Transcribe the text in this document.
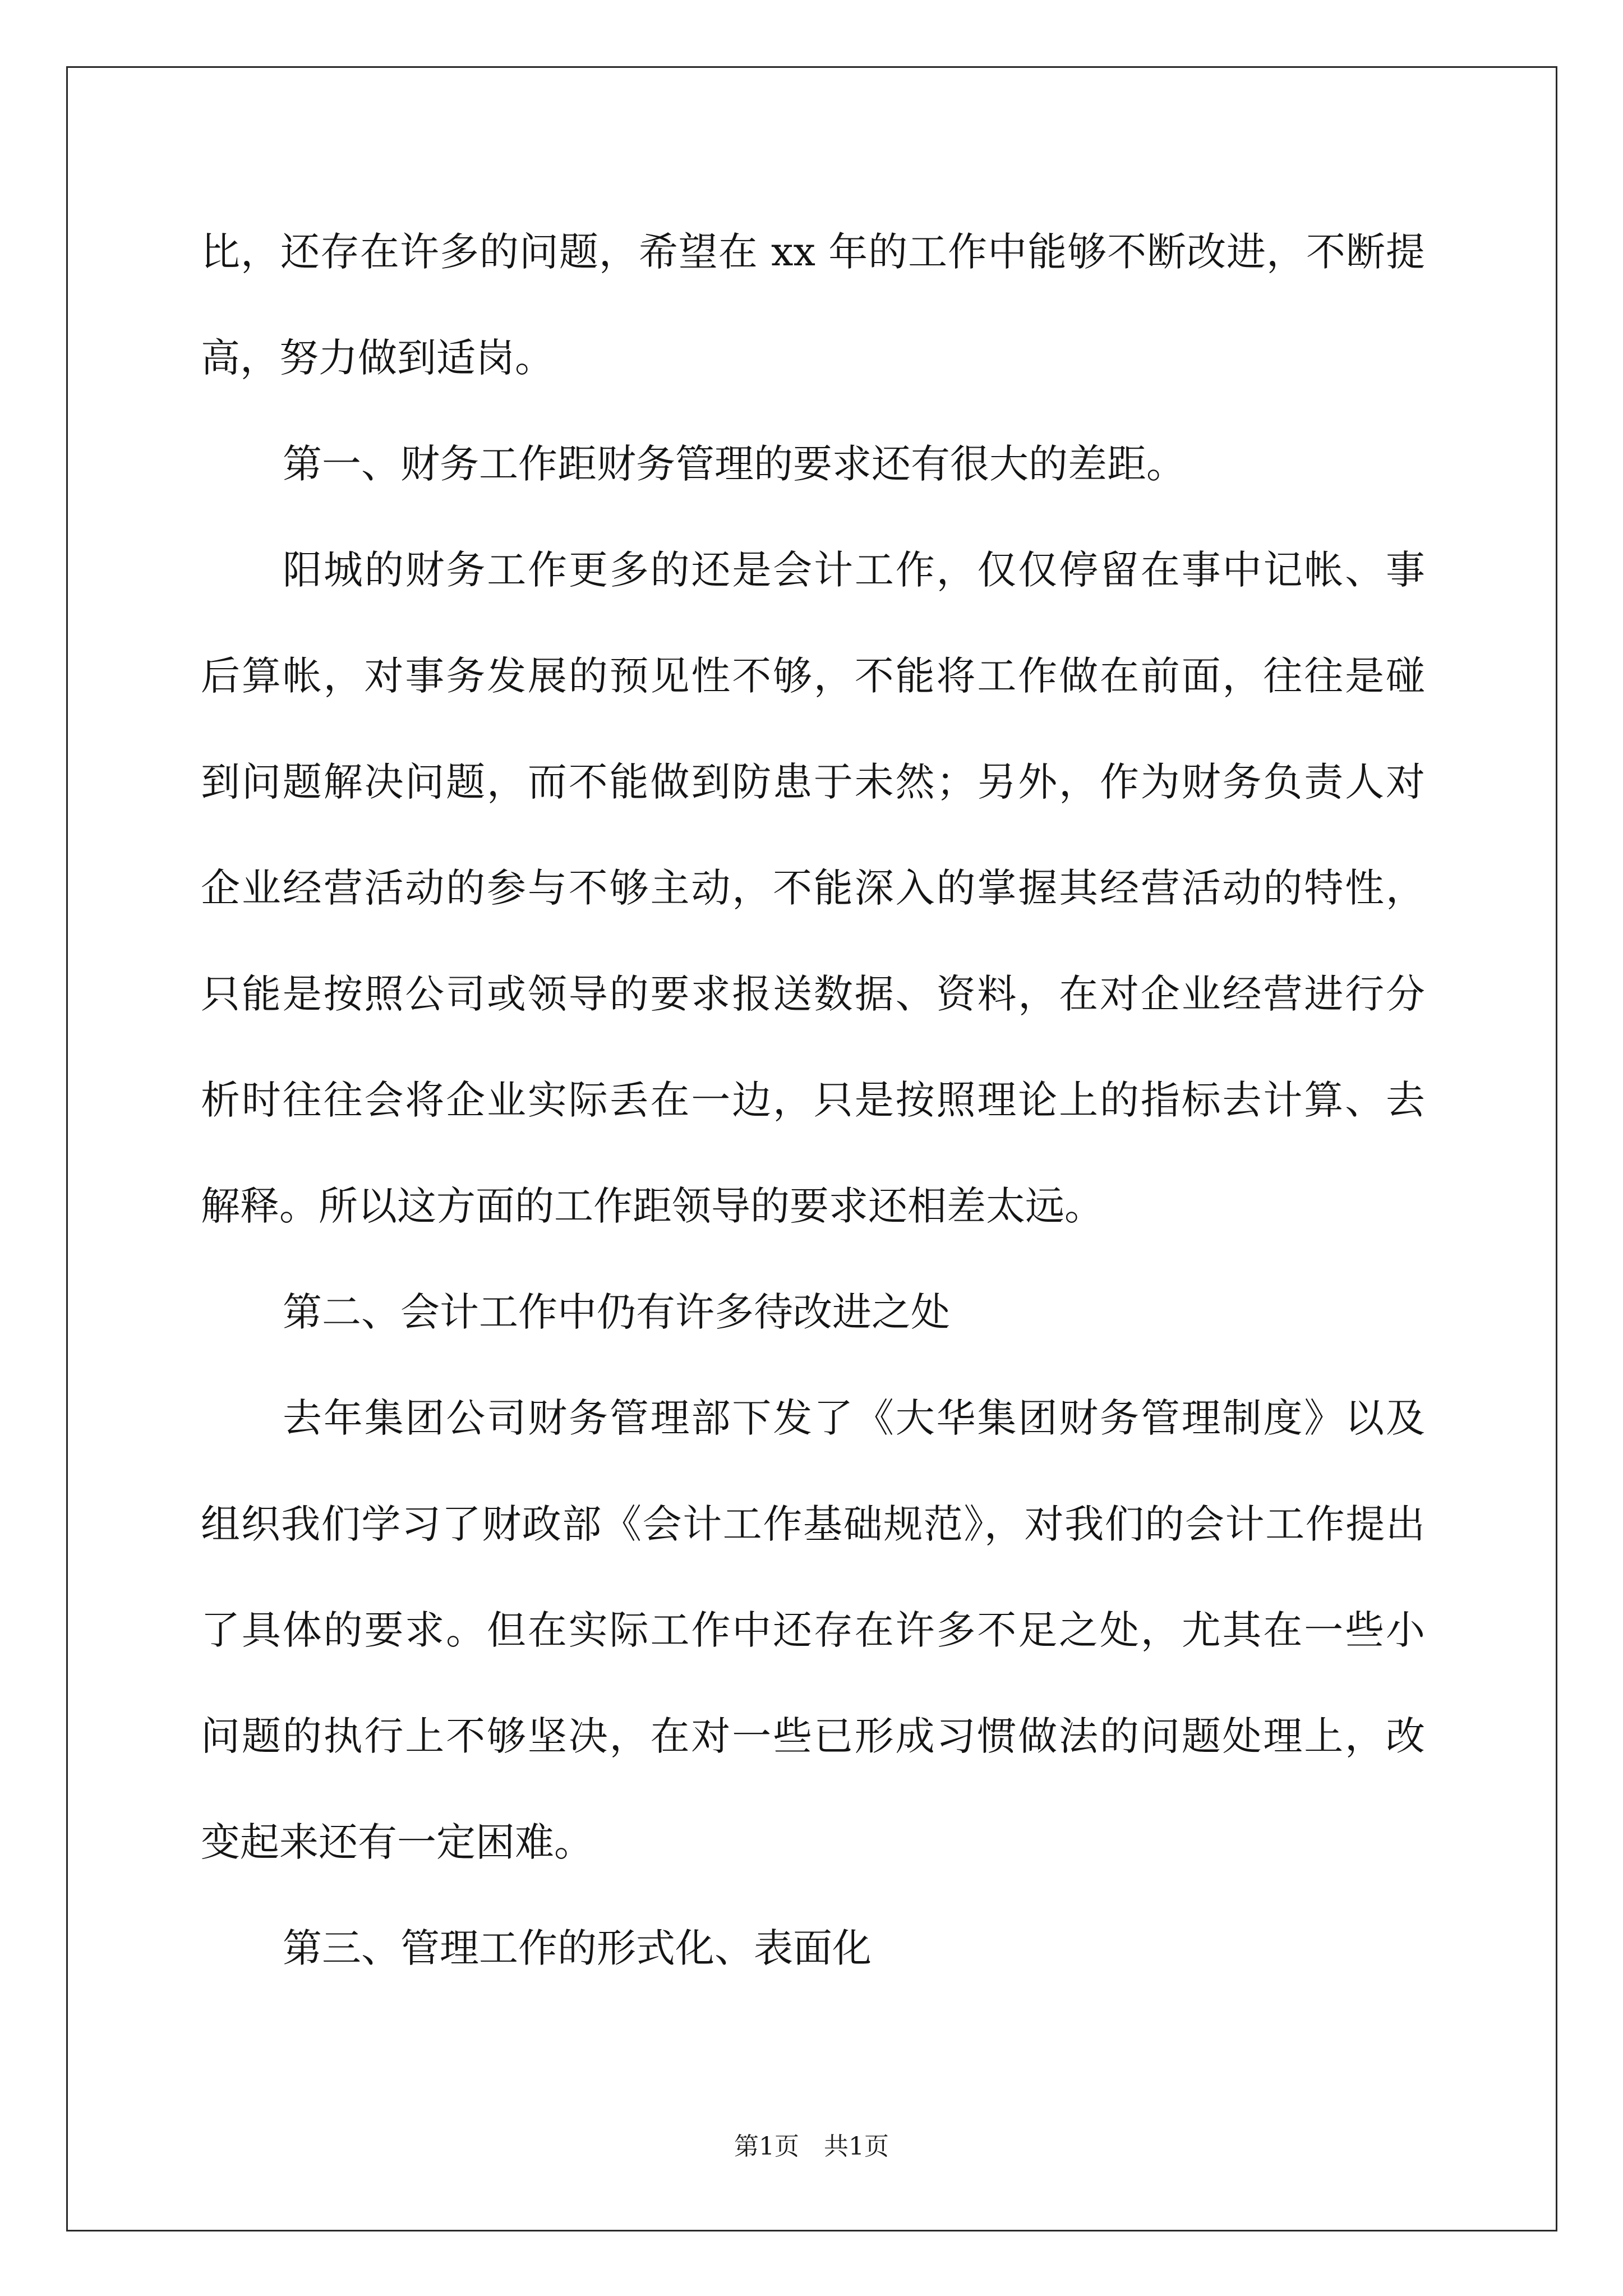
比，还存在许多的问题，希望在 xx 年的工作中能够不断改进，不断提
高，努力做到适岗。
第一、财务工作距财务管理的要求还有很大的差距。
阳城的财务工作更多的还是会计工作，仅仅停留在事中记帐、事
后算帐，对事务发展的预见性不够，不能将工作做在前面，往往是碰
到问题解决问题，而不能做到防患于未然；另外，作为财务负责人对
企业经营活动的参与不够主动，不能深入的掌握其经营活动的特性，
只能是按照公司或领导的要求报送数据、资料，在对企业经营进行分
析时往往会将企业实际丢在一边，只是按照理论上的指标去计算、去
解释。所以这方面的工作距领导的要求还相差太远。
第二、会计工作中仍有许多待改进之处
去年集团公司财务管理部下发了《大华集团财务管理制度》以及
组织我们学习了财政部《会计工作基础规范》，对我们的会计工作提出
了具体的要求。但在实际工作中还存在许多不足之处，尤其在一些小
问题的执行上不够坚决，在对一些已形成习惯做法的问题处理上，改
变起来还有一定困难。
第三、管理工作的形式化、表面化
第1页　共1页
